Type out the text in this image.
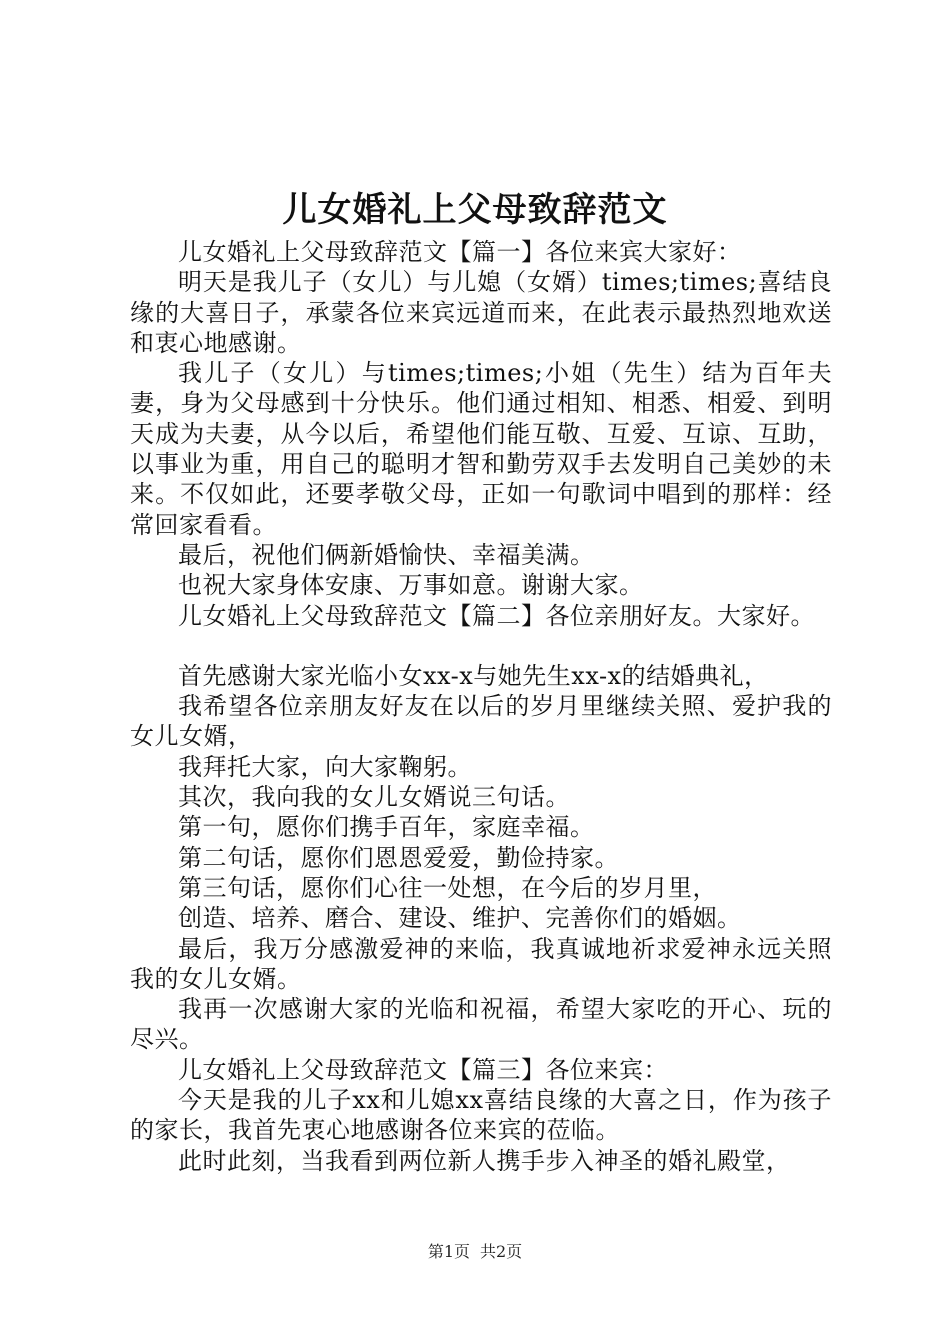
儿女婚礼上父母致辞范文

儿女婚礼上父母致辞范文【篇一】各位来宾大家好：

明天是我儿子（女儿）与儿媳（女婿）times;times;喜结良缘的大喜日子，承蒙各位来宾远道而来，在此表示最热烈地欢送和衷心地感谢。

我儿子（女儿）与times;times;小姐（先生）结为百年夫妻，身为父母感到十分快乐。他们通过相知、相悉、相爱、到明天成为夫妻，从今以后，希望他们能互敬、互爱、互谅、互助，以事业为重，用自己的聪明才智和勤劳双手去发明自己美妙的未来。不仅如此，还要孝敬父母，正如一句歌词中唱到的那样：经常回家看看。

最后，祝他们俩新婚愉快、幸福美满。

也祝大家身体安康、万事如意。谢谢大家。

儿女婚礼上父母致辞范文【篇二】各位亲朋好友。大家好。

首先感谢大家光临小女xx-x与她先生xx-x的结婚典礼，

我希望各位亲朋友好友在以后的岁月里继续关照、爱护我的女儿女婿，

我拜托大家，向大家鞠躬。

其次，我向我的女儿女婿说三句话。

第一句，愿你们携手百年，家庭幸福。

第二句话，愿你们恩恩爱爱，勤俭持家。

第三句话，愿你们心往一处想，在今后的岁月里，

创造、培养、磨合、建设、维护、完善你们的婚姻。

最后，我万分感激爱神的来临，我真诚地祈求爱神永远关照我的女儿女婿。

我再一次感谢大家的光临和祝福，希望大家吃的开心、玩的尽兴。

儿女婚礼上父母致辞范文【篇三】各位来宾：

今天是我的儿子xx和儿媳xx喜结良缘的大喜之日，作为孩子的家长，我首先衷心地感谢各位来宾的莅临。

此时此刻，当我看到两位新人携手步入神圣的婚礼殿堂，

第1页 共2页
